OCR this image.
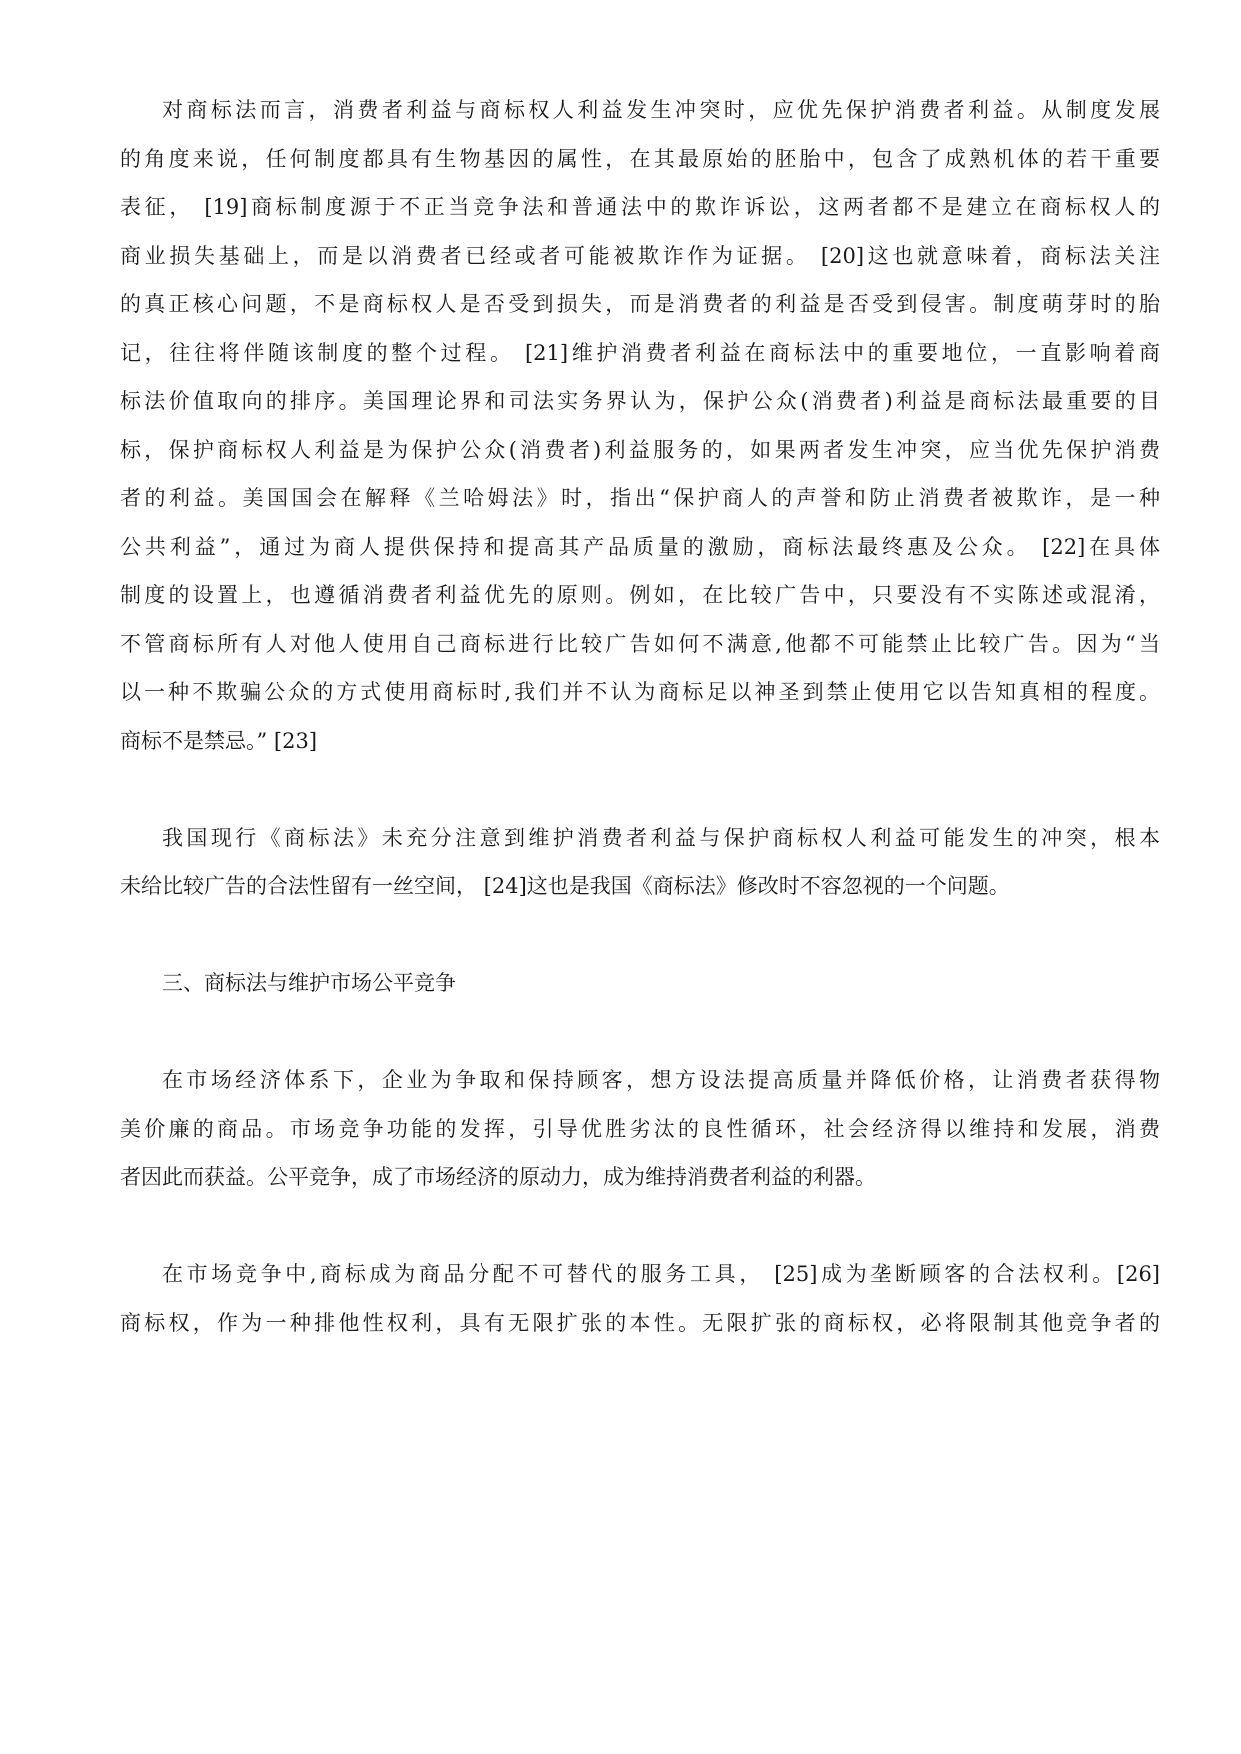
对商标法而言，消费者利益与商标权人利益发生冲突时，应优先保护消费者利益。从制度发展
的角度来说，任何制度都具有生物基因的属性，在其最原始的胚胎中，包含了成熟机体的若干重要
表征， [19]商标制度源于不正当竞争法和普通法中的欺诈诉讼，这两者都不是建立在商标权人的
商业损失基础上，而是以消费者已经或者可能被欺诈作为证据。 [20]这也就意味着，商标法关注
的真正核心问题，不是商标权人是否受到损失，而是消费者的利益是否受到侵害。制度萌芽时的胎
记，往往将伴随该制度的整个过程。 [21]维护消费者利益在商标法中的重要地位，一直影响着商
标法价值取向的排序。美国理论界和司法实务界认为，保护公众(消费者)利益是商标法最重要的目
标，保护商标权人利益是为保护公众(消费者)利益服务的，如果两者发生冲突，应当优先保护消费
者的利益。美国国会在解释《兰哈姆法》时，指出“保护商人的声誉和防止消费者被欺诈，是一种
公共利益”，通过为商人提供保持和提高其产品质量的激励，商标法最终惠及公众。 [22]在具体
制度的设置上，也遵循消费者利益优先的原则。例如，在比较广告中，只要没有不实陈述或混淆，
不管商标所有人对他人使用自己商标进行比较广告如何不满意,他都不可能禁止比较广告。因为“当
以一种不欺骗公众的方式使用商标时,我们并不认为商标足以神圣到禁止使用它以告知真相的程度。
商标不是禁忌。” [23]
我国现行《商标法》未充分注意到维护消费者利益与保护商标权人利益可能发生的冲突，根本
未给比较广告的合法性留有一丝空间， [24]这也是我国《商标法》修改时不容忽视的一个问题。
三、商标法与维护市场公平竞争
在市场经济体系下，企业为争取和保持顾客，想方设法提高质量并降低价格，让消费者获得物
美价廉的商品。市场竞争功能的发挥，引导优胜劣汰的良性循环，社会经济得以维持和发展，消费
者因此而获益。公平竞争，成了市场经济的原动力，成为维持消费者利益的利器。
在市场竞争中,商标成为商品分配不可替代的服务工具， [25]成为垄断顾客的合法权利。[26]
商标权，作为一种排他性权利，具有无限扩张的本性。无限扩张的商标权，必将限制其他竞争者的
